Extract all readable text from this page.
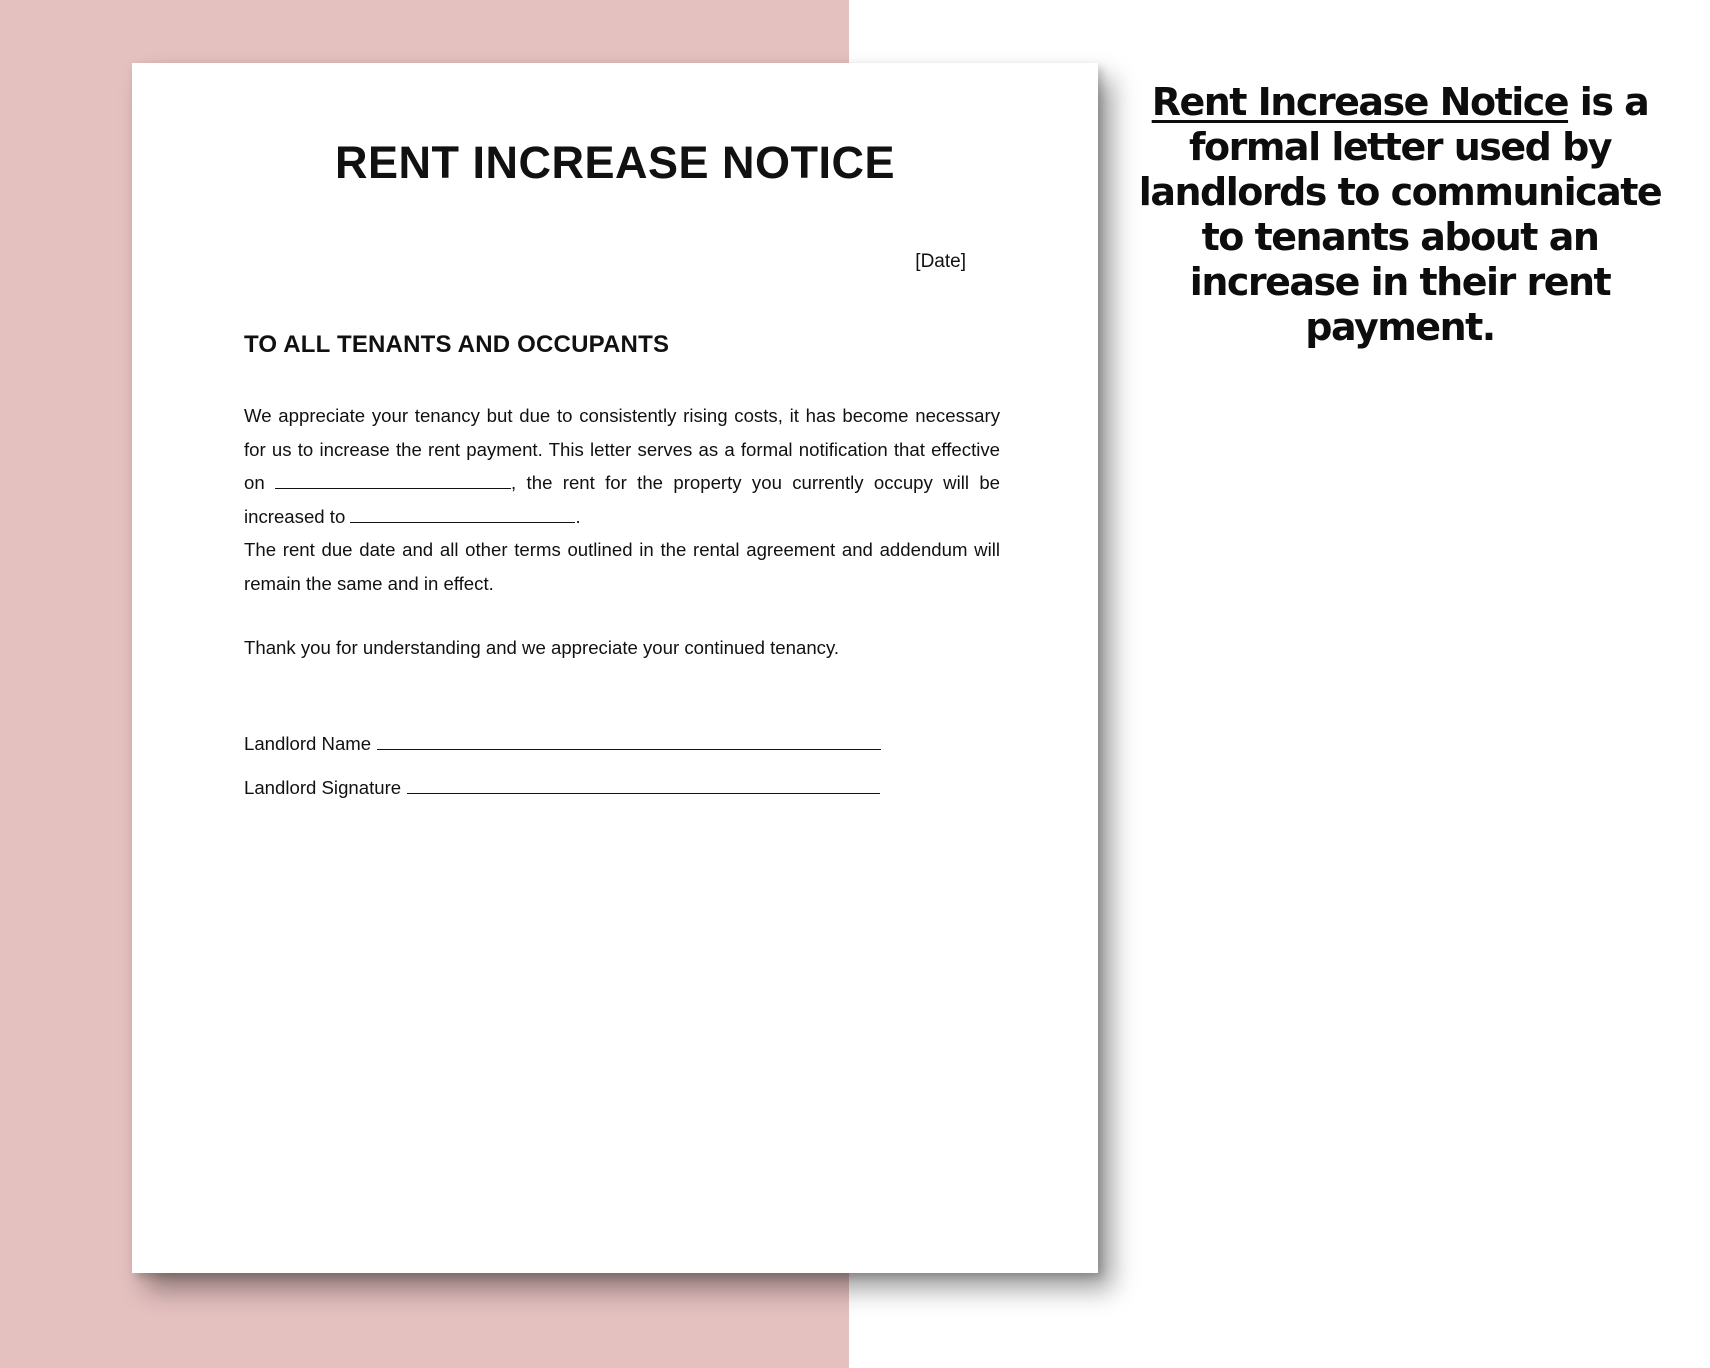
RENT INCREASE NOTICE
[Date]
TO ALL TENANTS AND OCCUPANTS

We appreciate your tenancy but due to consistently rising costs, it has become necessary for us to increase the rent payment. This letter serves as a formal notification that effective on	, the rent for the property you currently occupy will be increased to	.
The rent due date and all other terms outlined in the rental agreement and addendum will remain the same and in effect.

Thank you for understanding and we appreciate your continued tenancy.
Landlord Name
Landlord Signature
Rent Increase Notice is a formal letter used by landlords to communicate to tenants about an increase in their rent payment.
